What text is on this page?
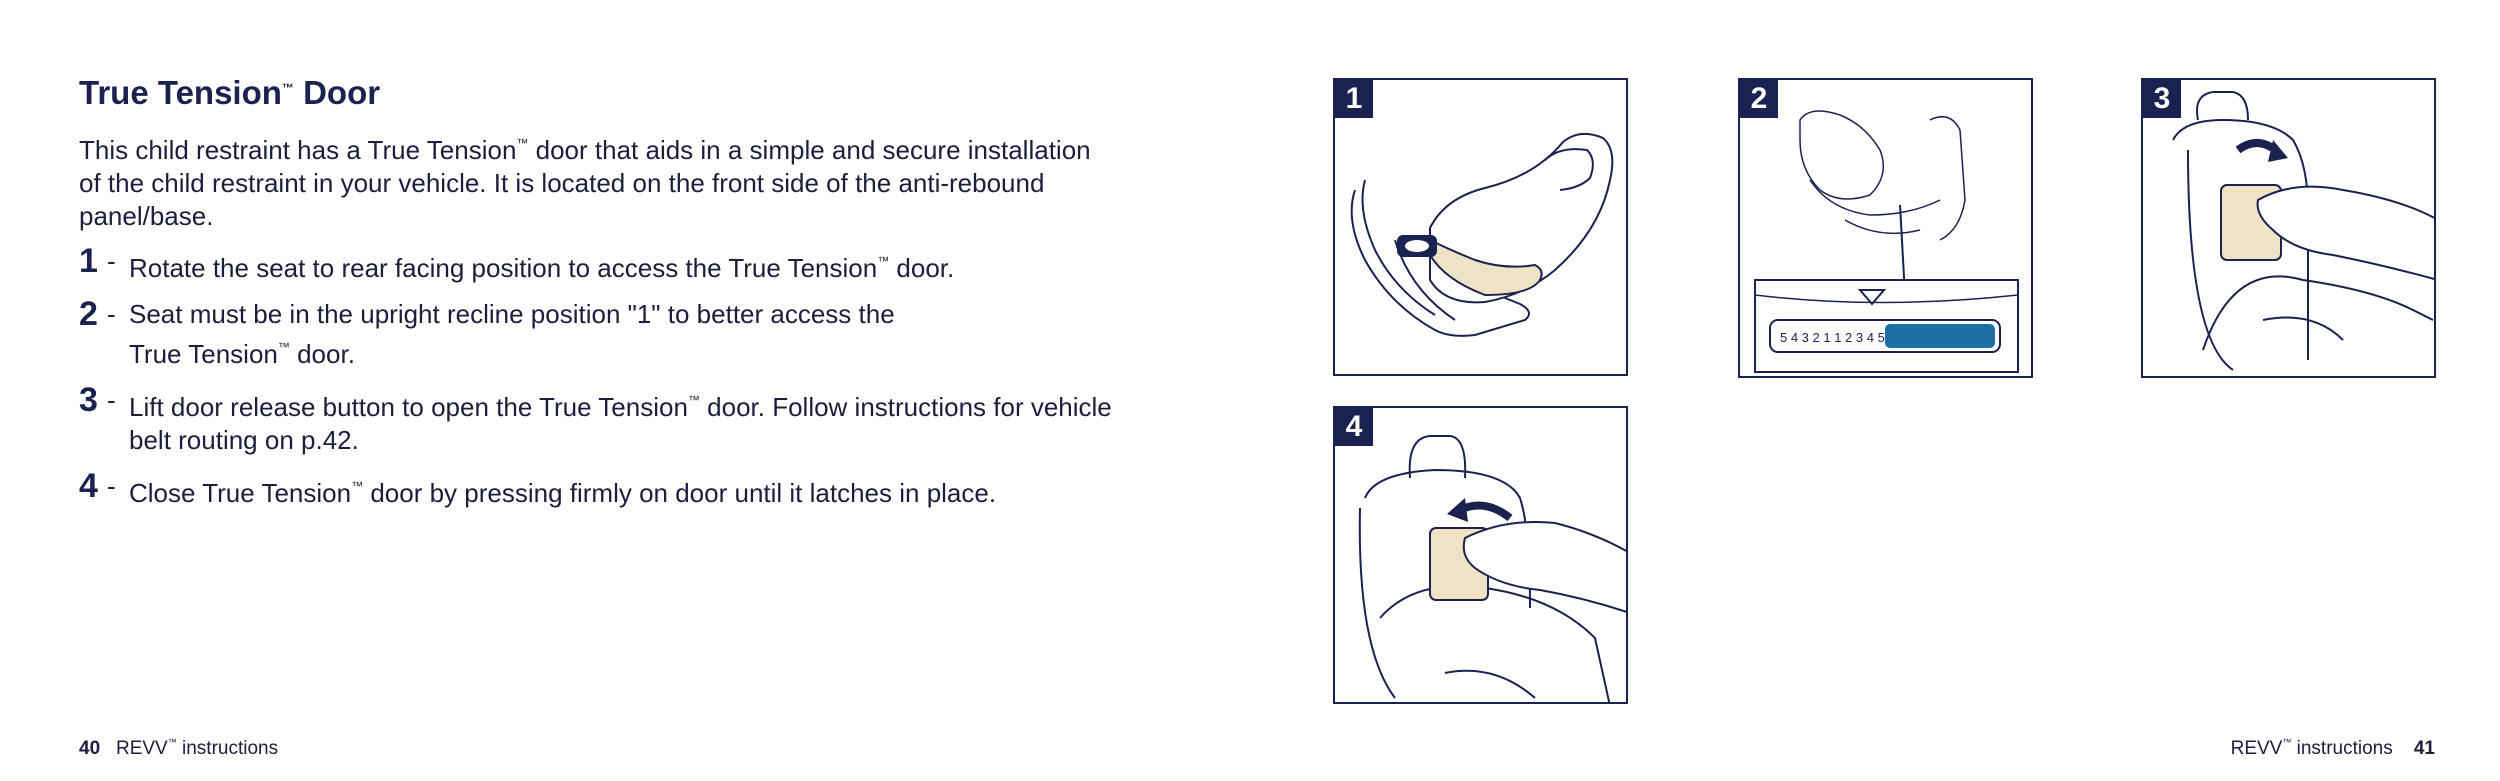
True Tension™ Door

This child restraint has a True Tension™ door that aids in a simple and secure installation
of the child restraint in your vehicle. It is located on the front side of the anti-rebound
panel/base.

1 - Rotate the seat to rear facing position to access the True Tension™ door.
2 - Seat must be in the upright recline position "1" to better access the
True Tension™ door.
3 - Lift door release button to open the True Tension™ door. Follow instructions for vehicle
belt routing on p.42.
4 - Close True Tension™ door by pressing firmly on door until it latches in place.
1
5 4 3 2 1 1 2 3 4 5
2	3
4
40 REVV™ instructions	REVV™ instructions 41
